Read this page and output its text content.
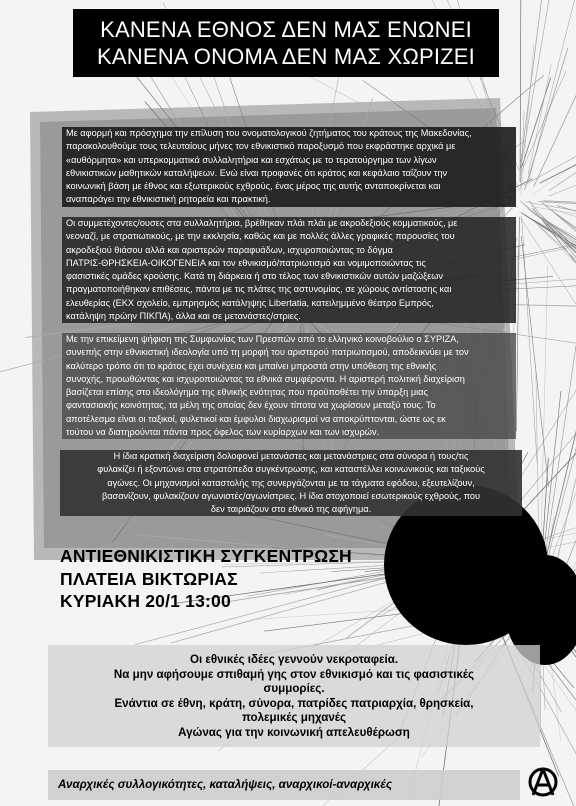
ΚΑΝΕΝΑ ΕΘΝΟΣ ΔΕΝ ΜΑΣ ΕΝΩΝΕΙ
ΚΑΝΕΝΑ ΟΝΟΜΑ ΔΕΝ ΜΑΣ ΧΩΡΙΖΕΙ
Με αφορμή και πρόσχημα την επίλυση του ονοματολογικού ζητήματος του κράτους της Μακεδονίας,
παρακολουθούμε τους τελευταίους μήνες τον εθνικιστικό παροξυσμό που εκφράστηκε αρχικά με
«αυθόρμητα» και υπερκομματικά συλλαλητήρια και εσχάτως με το τερατούργημα των λίγων
εθνικιστικών μαθητικών καταλήψεων. Ενώ είναι προφανές ότι κράτος και κεφάλαιο ταΐζουν την
κοινωνική βάση με έθνος και εξωτερικούς εχθρούς, ένας μέρος της αυτής ανταποκρίνεται και
αναπαράγει την εθνικιστική ρητορεία και πρακτική.
Οι συμμετέχοντες/ουσες στα συλλαλητήρια, βρέθηκαν πλάι πλάι με ακροδεξιούς κομματικούς, με
νεοναζί, με στρατιωτικούς, με την εκκλησία, καθώς και με πολλές άλλες γραφικές παρουσίες του
ακροδεξιού θιάσου αλλά και αριστερών παραφυάδων, ισχυροποιώντας το δόγμα
ΠΑΤΡΙΣ-ΘΡΗΣΚΕΙΑ-ΟΙΚΟΓΕΝΕΙΑ και τον εθνικισμό/πατριωτισμό και νομιμοποιώντας τις
φασιστικές ομάδες κρούσης. Κατά τη διάρκεια ή στο τέλος των εθνικιστικών αυτών μαζώξεων
πραγματοποιήθηκαν επιθέσεις, πάντα με τις πλάτες της αστυνομίας, σε χώρους αντίστασης και
ελευθερίας (ΕΚΧ σχολείο, εμπρησμός κατάληψης Libertatia, κατειλημμένο θέατρο Εμπρός,
κατάληψη πρώην ΠΙΚΠΑ), άλλα και σε μετανάστες/στριες.
Με την επικείμενη ψήφιση της Συμφωνίας των Πρεσπών από το ελληνικό κοινοβούλιο ο ΣΥΡΙΖΑ,
συνεπής στην εθνικιστική ιδεολογία υπό τη μορφή του αριστερού πατριωτισμού, αποδεικνύει με τον
καλύτερο τρόπο ότι το κράτος έχει συνέχεια και μπαίνει μπροστά στην υπόθεση της εθνικής
συνοχής, προωθώντας και ισχυροποιώντας τα εθνικά συμφέροντα. Η αριστερή πολιτική διαχείριση
βασίζεται επίσης στο ιδεολόγημα της εθνικής ενότητας που προϋποθέτει την ύπαρξη μιας
φαντασιακής κοινότητας, τα μέλη της οποίας δεν έχουν τίποτα να χωρίσουν μεταξύ τους. Το
αποτέλεσμα είναι οι ταξικοί, φυλετικοί και έμφυλοι διαχωρισμοί να αποκρύπτονται, ώστε ως εκ
τούτου να διατηρούνται πάντα προς όφελος των κυρίαρχων και των ισχυρών.
Η ίδια κρατική διαχείριση δολοφονεί μετανάστες και μετανάστριες στα σύνορα ή τους/τις
φυλακίζει ή εξοντώνει στα στρατόπεδα συγκέντρωσης, και καταστέλλει κοινωνικούς και ταξικούς
αγώνες. Οι μηχανισμοί καταστολής της συνεργάζονται με τα τάγματα εφόδου, εξευτελίζουν,
βασανίζουν, φυλακίζουν αγωνιστές/αγωνίστριες. Η ίδια στοχοποιεί εσωτερικούς εχθρούς, που
δεν ταιριάζουν στο εθνικό της αφήγημα.
ΑΝΤΙΕΘΝΙΚΙΣΤΙΚΗ ΣΥΓΚΕΝΤΡΩΣΗ
ΠΛΑΤΕΙΑ ΒΙΚΤΩΡΙΑΣ
ΚΥΡΙΑΚΗ 20/1 13:00
Οι εθνικές ιδέες γεννούν νεκροταφεία.
Να μην αφήσουμε σπιθαμή γης στον εθνικισμό και τις φασιστικές
συμμορίες.
Ενάντια σε έθνη, κράτη, σύνορα, πατρίδες πατριαρχία, θρησκεία,
πολεμικές μηχανές
Αγώνας για την κοινωνική απελευθέρωση
Αναρχικές συλλογικότητες, καταλήψεις, αναρχικοί-αναρχικές
